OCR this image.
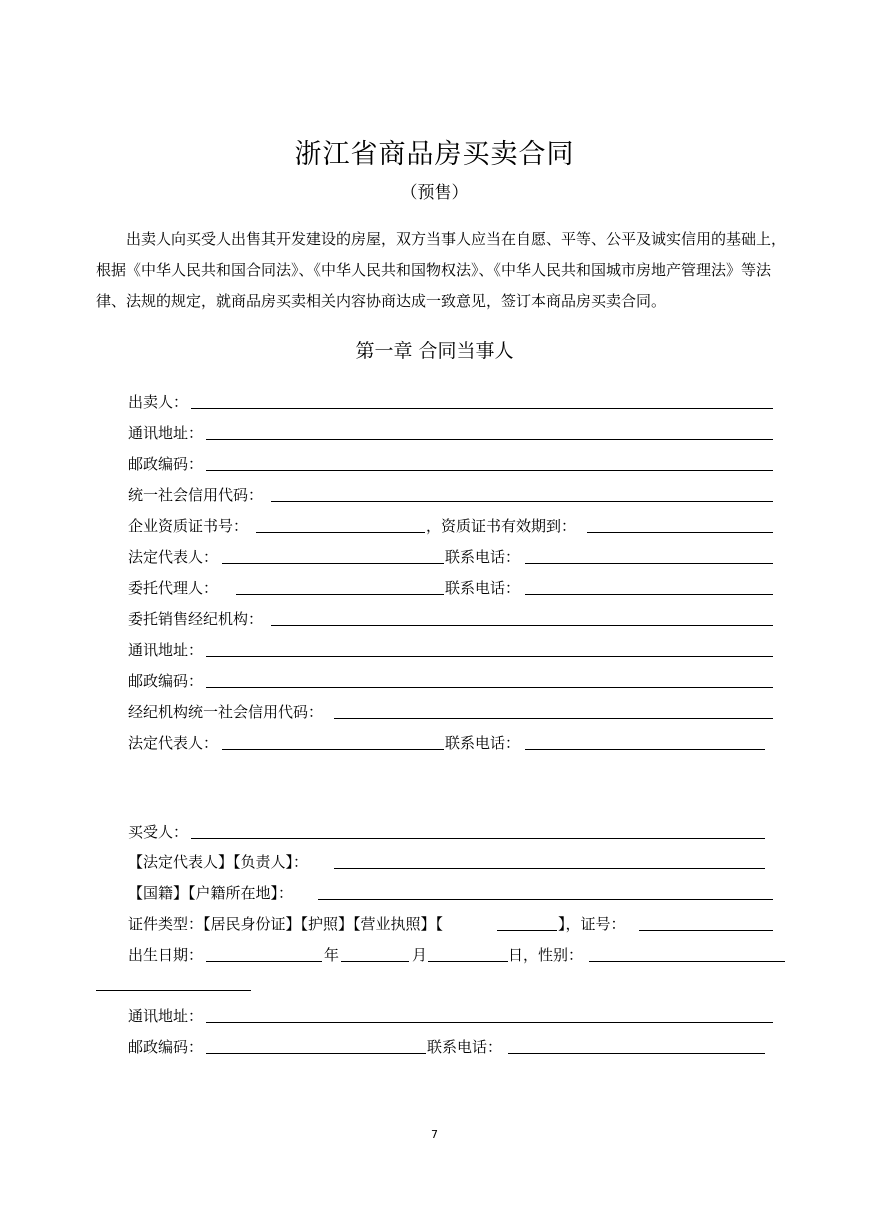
浙江省商品房买卖合同
（预售）

出卖人向买受人出售其开发建设的房屋，双方当事人应当在自愿、平等、公平及诚实信用的基础上，根据《中华人民共和国合同法》、《中华人民共和国物权法》、《中华人民共和国城市房地产管理法》等法律、法规的规定，就商品房买卖相关内容协商达成一致意见，签订本商品房买卖合同。

第一章 合同当事人
出卖人：
通讯地址：
邮政编码：
统一社会信用代码：
企业资质证书号：	，资质证书有效期到：
法定代表人：	联系电话：
委托代理人：	联系电话：
委托销售经纪机构：
通讯地址：
邮政编码：
经纪机构统一社会信用代码：
法定代表人：	联系电话：
买受人：
【法定代表人】【负责人】：
【国籍】【户籍所在地】：
证件类型：【居民身份证】【护照】【营业执照】【	】，证号：
出生日期：	年	月	日，性别：
通讯地址：
邮政编码：	联系电话：
7
